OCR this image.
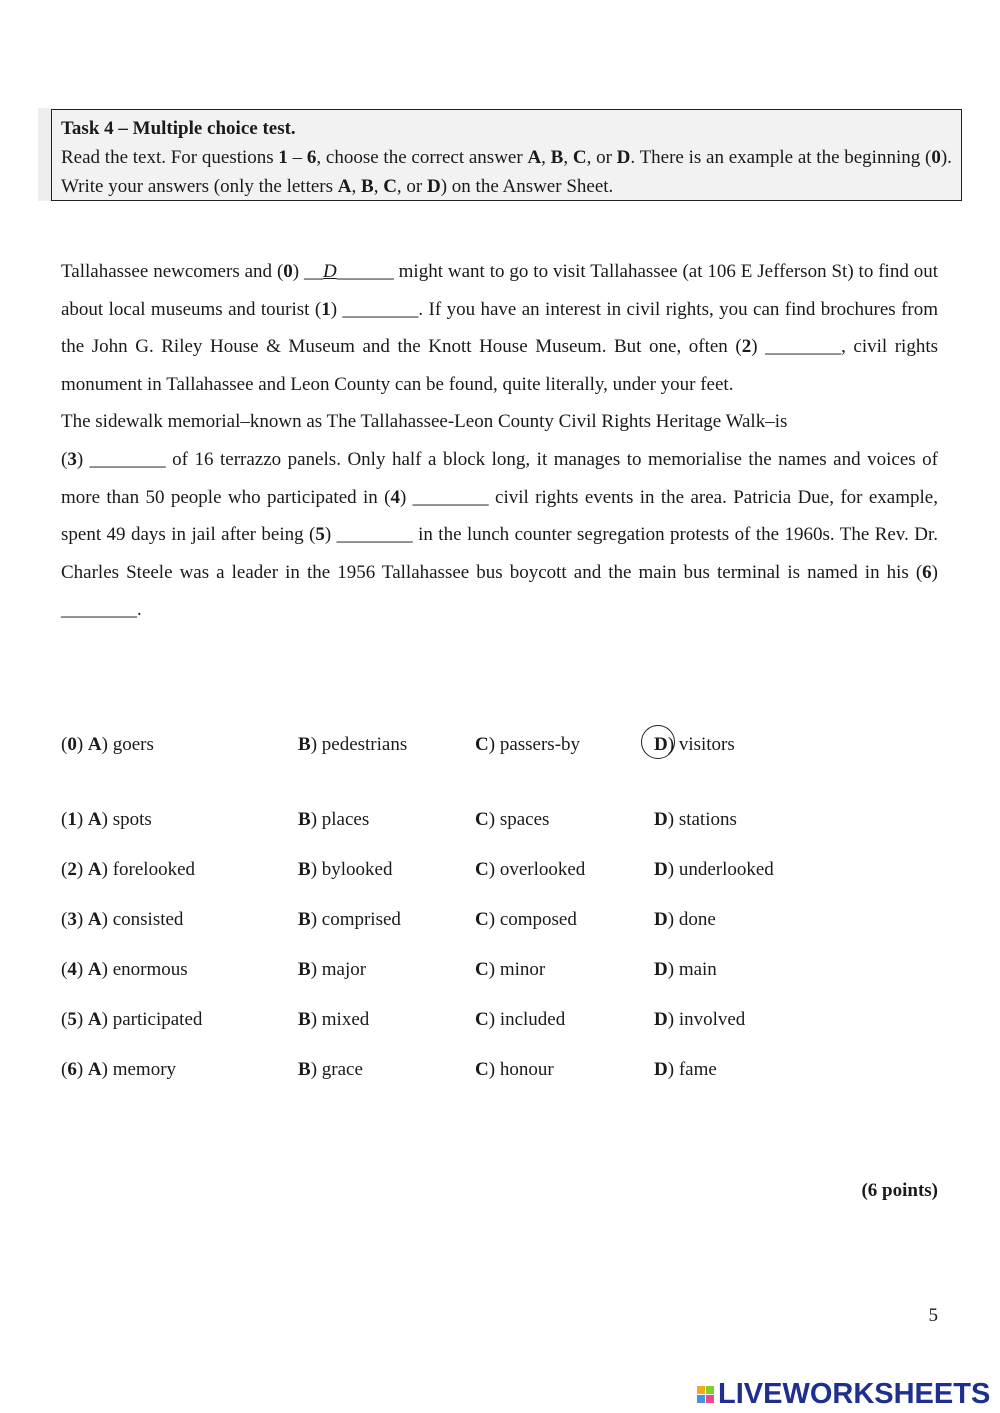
Task 4 – Multiple choice test.
Read the text. For questions 1 – 6, choose the correct answer A, B, C, or D. There is an example at the beginning (0). Write your answers (only the letters A, B, C, or D) on the Answer Sheet.

Tallahassee newcomers and (0) __D______ might want to go to visit Tallahassee (at 106 E Jefferson St) to find out about local museums and tourist (1) ________. If you have an interest in civil rights, you can find brochures from the John G. Riley House & Museum and the Knott House Museum. But one, often (2) ________, civil rights monument in Tallahassee and Leon County can be found, quite literally, under your feet.

The sidewalk memorial–known as The Tallahassee-Leon County Civil Rights Heritage Walk–is
(3) ________ of 16 terrazzo panels. Only half a block long, it manages to memorialise the names and voices of more than 50 people who participated in (4) ________ civil rights events in the area. Patricia Due, for example, spent 49 days in jail after being (5) ________ in the lunch counter segregation protests of the 1960s. The Rev. Dr. Charles Steele was a leader in the 1956 Tallahassee bus boycott and the main bus terminal is named in his (6) ________.

(0) A) goers	B) pedestrians	C) passers-by	D) visitors
(1) A) spots	B) places	C) spaces	D) stations
(2) A) forelooked	B) bylooked	C) overlooked	D) underlooked
(3) A) consisted	B) comprised	C) composed	D) done
(4) A) enormous	B) major	C) minor	D) main
(5) A) participated	B) mixed	C) included	D) involved
(6) A) memory	B) grace	C) honour	D) fame
(6 points)
5
LIVEWORKSHEETS
